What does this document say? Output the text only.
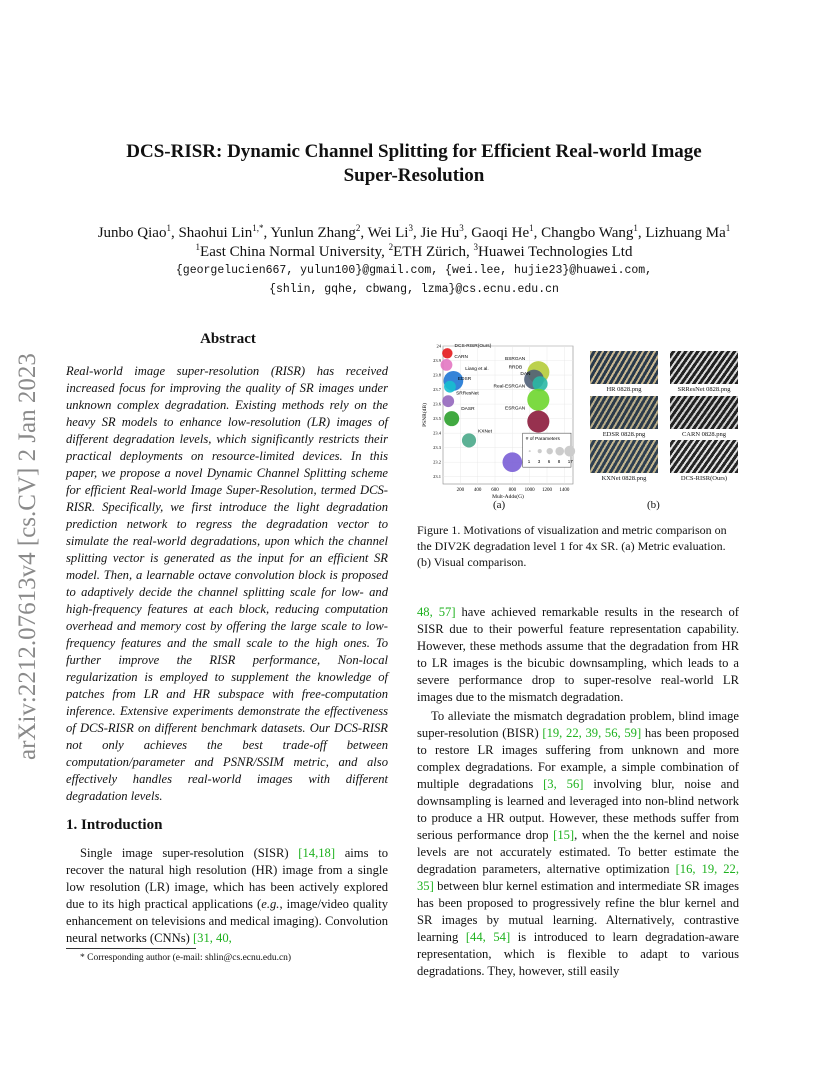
DCS-RISR: Dynamic Channel Splitting for Efficient Real-world Image
Super-Resolution
Junbo Qiao$^1$, Shaohui Lin$^{1,*}$, Yunlun Zhang$^2$, Wei Li$^3$, Jie Hu$^3$, Gaoqi He$^1$, Changbo Wang$^1$, Lizhuang Ma$^1$
$^1$East China Normal University, $^2$ETH Zürich, $^3$Huawei Technologies Ltd
{georgelucien667, yulun100}@gmail.com, {wei.lee, hujie23}@huawei.com,
{shlin, gqhe, cbwang, lzma}@cs.ecnu.edu.cn
arXiv:2212.07613v4 [cs.CV] 2 Jan 2023
Abstract
Real-world image super-resolution (RISR) has received increased focus for improving the quality of SR images under unknown complex degradation. Existing methods rely on the heavy SR models to enhance low-resolution (LR) images of different degradation levels, which significantly restricts their practical deployments on resource-limited devices. In this paper, we propose a novel Dynamic Channel Splitting scheme for efficient Real-world Image Super-Resolution, termed DCS-RISR. Specifically, we first introduce the light degradation prediction network to regress the degradation vector to simulate the real-world degradations, upon which the channel splitting vector is generated as the input for an efficient SR model. Then, a learnable octave convolution block is proposed to adaptively decide the channel splitting scale for low- and high-frequency features at each block, reducing computation overhead and memory cost by offering the large scale to low-frequency features and the small scale to the high ones. To further improve the RISR performance, Non-local regularization is employed to supplement the knowledge of patches from LR and HR subspace with free-computation inference. Extensive experiments demonstrate the effectiveness of DCS-RISR on different benchmark datasets. Our DCS-RISR not only achieves the best trade-off between computation/parameter and PSNR/SSIM metric, and also effectively handles real-world images with different degradation levels.
1. Introduction
Single image super-resolution (SISR) [14,18] aims to recover the natural high resolution (HR) image from a single low resolution (LR) image, which has been actively explored due to its high practical applications (e.g., image/video quality enhancement on televisions and medical imaging). Convolution neural networks (CNNs) [31, 40,
* Corresponding author (e-mail: shlin@cs.ecnu.edu.cn)
200 400 600 800 1000 1200 1400
23.1
23.2
23.3
23.4
23.5
23.6
23.7
23.8
23.9
24
Mult-Adds(G)
PSNR(dB)
DCS-RISR(Ours)
CARN
Liang et al.
EDSR
SRResNet
DASR
KXNet
BSRGAN
RRDB
DAN
Real-ESRGAN
ESRGAN
# of Parameters
1 3 6 8 17
(a)	(b)
HR 0828.png	SRResNet 0828.png
EDSR 0828.png	CARN 0828.png
KXNet 0828.png	DCS-RISR(Ours)
Figure 1. Motivations of visualization and metric comparison on the DIV2K degradation level 1 for 4x SR. (a) Metric evaluation. (b) Visual comparison.
48, 57] have achieved remarkable results in the research of SISR due to their powerful feature representation capability. However, these methods assume that the degradation from HR to LR images is the bicubic downsampling, which leads to a severe performance drop to super-resolve real-world LR images due to the mismatch degradation.
To alleviate the mismatch degradation problem, blind image super-resolution (BISR) [19, 22, 39, 56, 59] has been proposed to restore LR images suffering from unknown and more complex degradations. For example, a simple combination of multiple degradations [3, 56] involving blur, noise and downsampling is learned and leveraged into non-blind network to produce a HR output. However, these methods suffer from serious performance drop [15], when the the kernel and noise levels are not accurately estimated. To better estimate the degradation parameters, alternative optimization [16, 19, 22, 35] between blur kernel estimation and intermediate SR images has been proposed to progressively refine the blur kernel and SR images by mutual learning. Alternatively, contrastive learning [44, 54] is introduced to learn degradation-aware representation, which is flexible to adapt to various degradations. They, however, still easily
